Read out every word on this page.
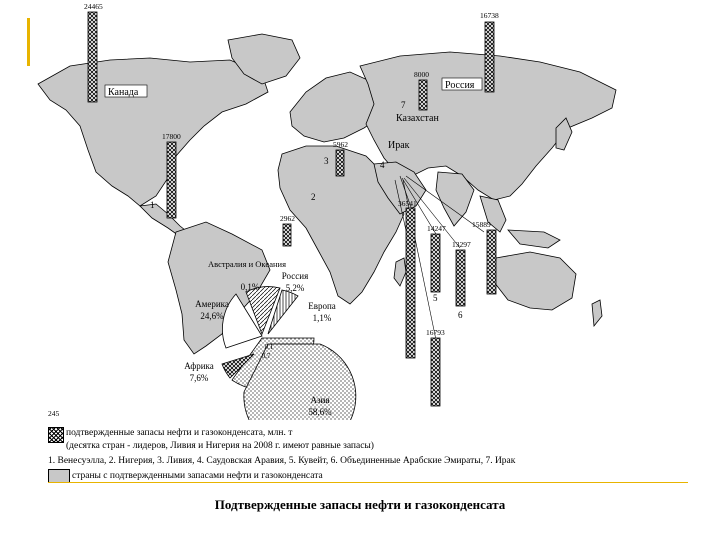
Канада
Россия
Казахстан
Ирак
1
2
3	4
5
6
7
24465
16738
8000
17800
5962
2962
36541
14247
13297
15889
16793
245
Австралия и Океания
0,1%
Россия
5,2%
Европа
1,1%
Азия
58,6%
Африка
7,6%
Америка
24,6%
0,1
0,7
подтвержденные запасы нефти и газоконденсата, млн. т
(десятка стран - лидеров, Ливия и Нигерия на 2008 г. имеют равные запасы)
1. Венесуэлла, 2. Нигерия, 3. Ливия, 4. Саудовская Аравия, 5. Кувейт, 6. Объединенные Арабские Эмираты, 7. Ирак
страны с подтвержденными запасами нефти и газоконденсата
Подтвержденные запасы нефти и газоконденсата
